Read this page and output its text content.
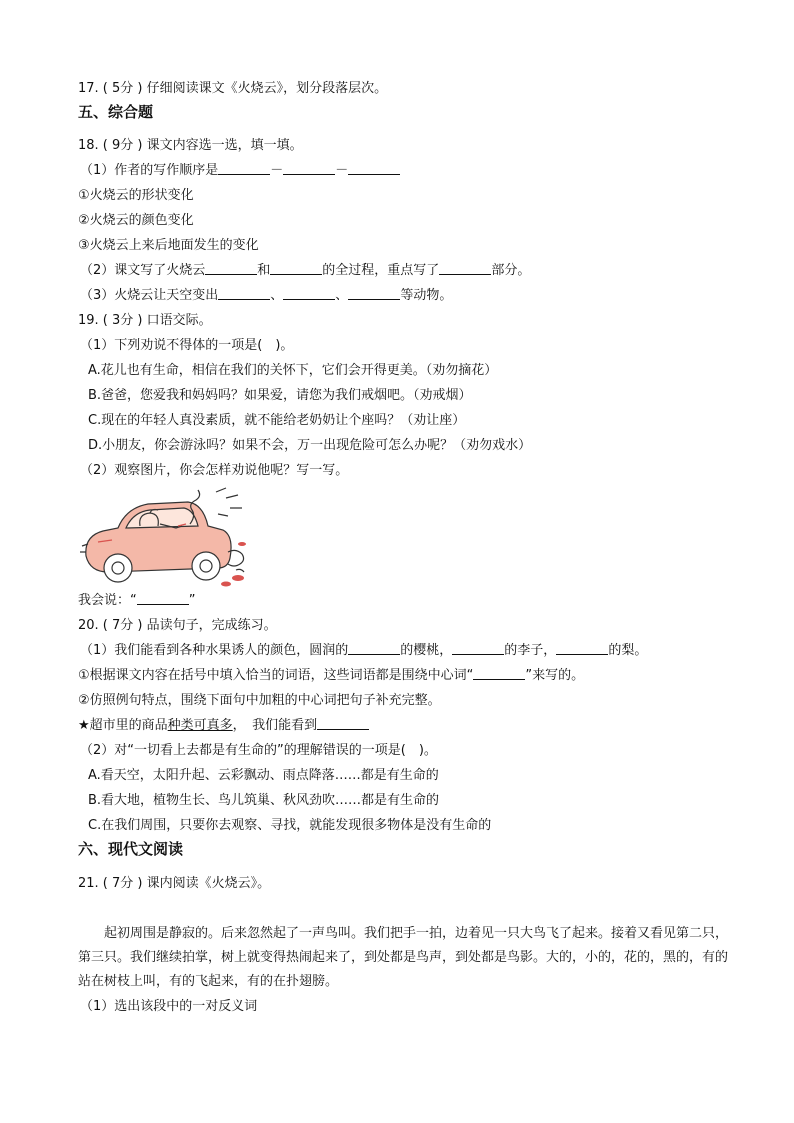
17. ( 5分 ) 仔细阅读课文《火烧云》，划分段落层次。
五、综合题
18. ( 9分 ) 课文内容选一选，填一填。
（1）作者的写作顺序是	－	－
①火烧云的形状变化
②火烧云的颜色变化
③火烧云上来后地面发生的变化
（2）课文写了火烧云	和	的全过程，重点写了	部分。
（3）火烧云让天空变出	、	、	等动物。
19. ( 3分 ) 口语交际。
（1）下列劝说不得体的一项是(　)。
A.花儿也有生命，相信在我们的关怀下，它们会开得更美。（劝勿摘花）
B.爸爸，您爱我和妈妈吗？如果爱，请您为我们戒烟吧。（劝戒烟）
C.现在的年轻人真没素质，就不能给老奶奶让个座吗？（劝让座）
D.小朋友，你会游泳吗？如果不会，万一出现危险可怎么办呢？（劝勿戏水）
（2）观察图片，你会怎样劝说他呢？写一写。
我会说：“	”
20. ( 7分 ) 品读句子，完成练习。
（1）我们能看到各种水果诱人的颜色，圆润的	的樱桃，	的李子，	的梨。
①根据课文内容在括号中填入恰当的词语，这些词语都是围绕中心词“	”来写的。
②仿照例句特点，围绕下面句中加粗的中心词把句子补充完整。
★超市里的商品种类可真多，　我们能看到
（2）对“一切看上去都是有生命的”的理解错误的一项是(　)。
A.看天空，太阳升起、云彩飘动、雨点降落……都是有生命的
B.看大地，植物生长、鸟儿筑巢、秋风劲吹……都是有生命的
C.在我们周围，只要你去观察、寻找，就能发现很多物体是没有生命的
六、现代文阅读
21. ( 7分 ) 课内阅读《火烧云》。
起初周围是静寂的。后来忽然起了一声鸟叫。我们把手一拍，边着见一只大鸟飞了起来。接着又看见第二只，第三只。我们继续拍掌，树上就变得热闹起来了，到处都是鸟声，到处都是鸟影。大的，小的，花的，黑的，有的站在树枝上叫，有的飞起来，有的在扑翅膀。
（1）选出该段中的一对反义词
